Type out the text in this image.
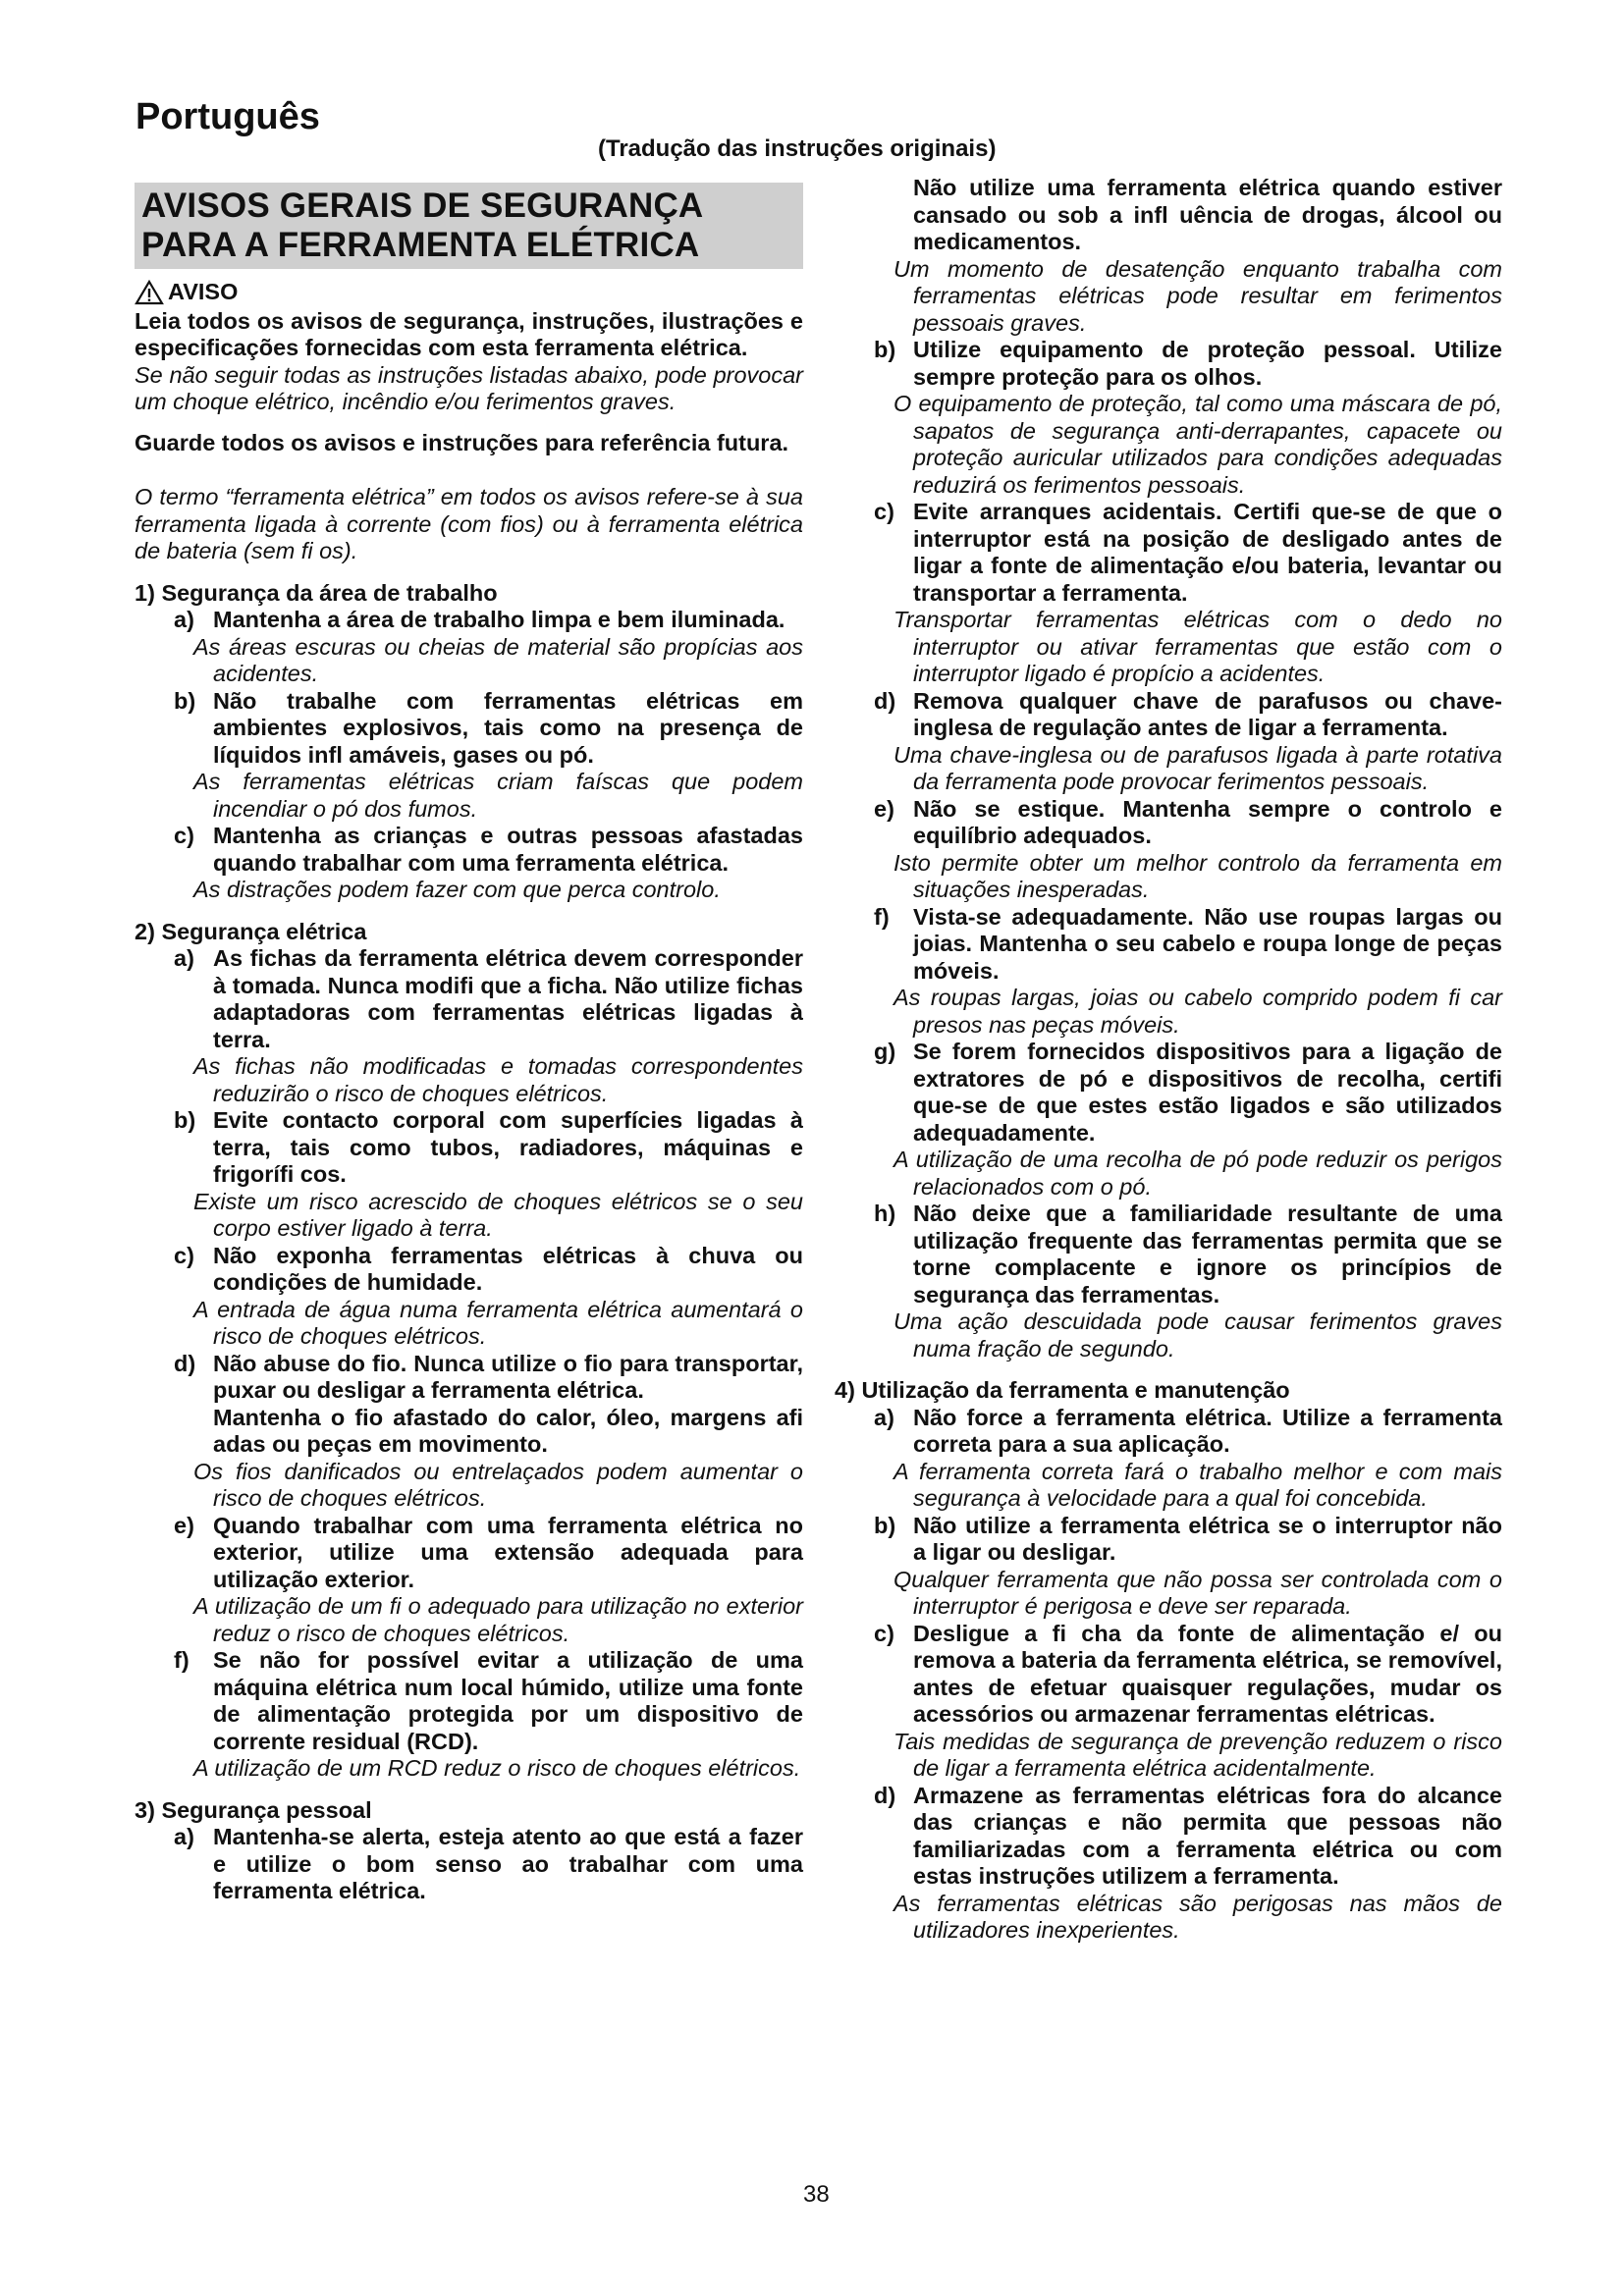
Português
(Tradução das instruções originais)
AVISOS GERAIS DE SEGURANÇA PARA A FERRAMENTA ELÉTRICA
AVISO

Leia todos os avisos de segurança, instruções, ilustrações e especificações fornecidas com esta ferramenta elétrica.

Se não seguir todas as instruções listadas abaixo, pode provocar um choque elétrico, incêndio e/ou ferimentos graves.

Guarde todos os avisos e instruções para referência futura.

O termo “ferramenta elétrica” em todos os avisos refere-se à sua ferramenta ligada à corrente (com fios) ou à ferramenta elétrica de bateria (sem fi os).

1) Segurança da área de trabalho
a) Mantenha a área de trabalho limpa e bem iluminada.

As áreas escuras ou cheias de material são propícias aos acidentes.

b) Não trabalhe com ferramentas elétricas em ambientes explosivos, tais como na presença de líquidos infl amáveis, gases ou pó.

As ferramentas elétricas criam faíscas que podem incendiar o pó dos fumos.

c) Mantenha as crianças e outras pessoas afastadas quando trabalhar com uma ferramenta elétrica.

As distrações podem fazer com que perca controlo.

2) Segurança elétrica
a) As fichas da ferramenta elétrica devem corresponder à tomada. Nunca modifi que a ficha. Não utilize fichas adaptadoras com ferramentas elétricas ligadas à terra.

As fichas não modificadas e tomadas correspondentes reduzirão o risco de choques elétricos.

b) Evite contacto corporal com superfícies ligadas à terra, tais como tubos, radiadores, máquinas e frigorífi cos.

Existe um risco acrescido de choques elétricos se o seu corpo estiver ligado à terra.

c) Não exponha ferramentas elétricas à chuva ou condições de humidade.

A entrada de água numa ferramenta elétrica aumentará o risco de choques elétricos.

d) Não abuse do fio. Nunca utilize o fio para transportar, puxar ou desligar a ferramenta elétrica.

Mantenha o fio afastado do calor, óleo, margens afi adas ou peças em movimento.

Os fios danificados ou entrelaçados podem aumentar o risco de choques elétricos.

e) Quando trabalhar com uma ferramenta elétrica no exterior, utilize uma extensão adequada para utilização exterior.

A utilização de um fi o adequado para utilização no exterior reduz o risco de choques elétricos.

f)	Se não for possível evitar a utilização de uma máquina elétrica num local húmido, utilize uma fonte de alimentação protegida por um dispositivo de corrente residual (RCD).

A utilização de um RCD reduz o risco de choques elétricos.

3) Segurança pessoal
a) Mantenha-se alerta, esteja atento ao que está a fazer e utilize o bom senso ao trabalhar com uma ferramenta elétrica.

Não utilize uma ferramenta elétrica quando estiver cansado ou sob a infl uência de drogas, álcool ou medicamentos.

Um momento de desatenção enquanto trabalha com ferramentas elétricas pode resultar em ferimentos pessoais graves.

b) Utilize equipamento de proteção pessoal. Utilize sempre proteção para os olhos.

O equipamento de proteção, tal como uma máscara de pó, sapatos de segurança anti-derrapantes, capacete ou proteção auricular utilizados para condições adequadas reduzirá os ferimentos pessoais.

c) Evite arranques acidentais. Certifi que-se de que o interruptor está na posição de desligado antes de ligar a fonte de alimentação e/ou bateria, levantar ou transportar a ferramenta.

Transportar ferramentas elétricas com o dedo no interruptor ou ativar ferramentas que estão com o interruptor ligado é propício a acidentes.

d) Remova qualquer chave de parafusos ou chave-inglesa de regulação antes de ligar a ferramenta.

Uma chave-inglesa ou de parafusos ligada à parte rotativa da ferramenta pode provocar ferimentos pessoais.

e) Não se estique. Mantenha sempre o controlo e equilíbrio adequados.

Isto permite obter um melhor controlo da ferramenta em situações inesperadas.

f)	Vista-se adequadamente. Não use roupas largas ou joias. Mantenha o seu cabelo e roupa longe de peças móveis.

As roupas largas, joias ou cabelo comprido podem fi car presos nas peças móveis.

g) Se forem fornecidos dispositivos para a ligação de extratores de pó e dispositivos de recolha, certifi que-se de que estes estão ligados e são utilizados adequadamente.

A utilização de uma recolha de pó pode reduzir os perigos relacionados com o pó.

h) Não deixe que a familiaridade resultante de uma utilização frequente das ferramentas permita que se torne complacente e ignore os princípios de segurança das ferramentas.

Uma ação descuidada pode causar ferimentos graves numa fração de segundo.

4) Utilização da ferramenta e manutenção
a) Não force a ferramenta elétrica. Utilize a ferramenta correta para a sua aplicação.

A ferramenta correta fará o trabalho melhor e com mais segurança à velocidade para a qual foi concebida.

b) Não utilize a ferramenta elétrica se o interruptor não a ligar ou desligar.

Qualquer ferramenta que não possa ser controlada com o interruptor é perigosa e deve ser reparada.

c) Desligue a fi cha da fonte de alimentação e/ ou remova a bateria da ferramenta elétrica, se removível, antes de efetuar quaisquer regulações, mudar os acessórios ou armazenar ferramentas elétricas.

Tais medidas de segurança de prevenção reduzem o risco de ligar a ferramenta elétrica acidentalmente.

d) Armazene as ferramentas elétricas fora do alcance das crianças e não permita que pessoas não familiarizadas com a ferramenta elétrica ou com estas instruções utilizem a ferramenta.

As ferramentas elétricas são perigosas nas mãos de utilizadores inexperientes.

38
